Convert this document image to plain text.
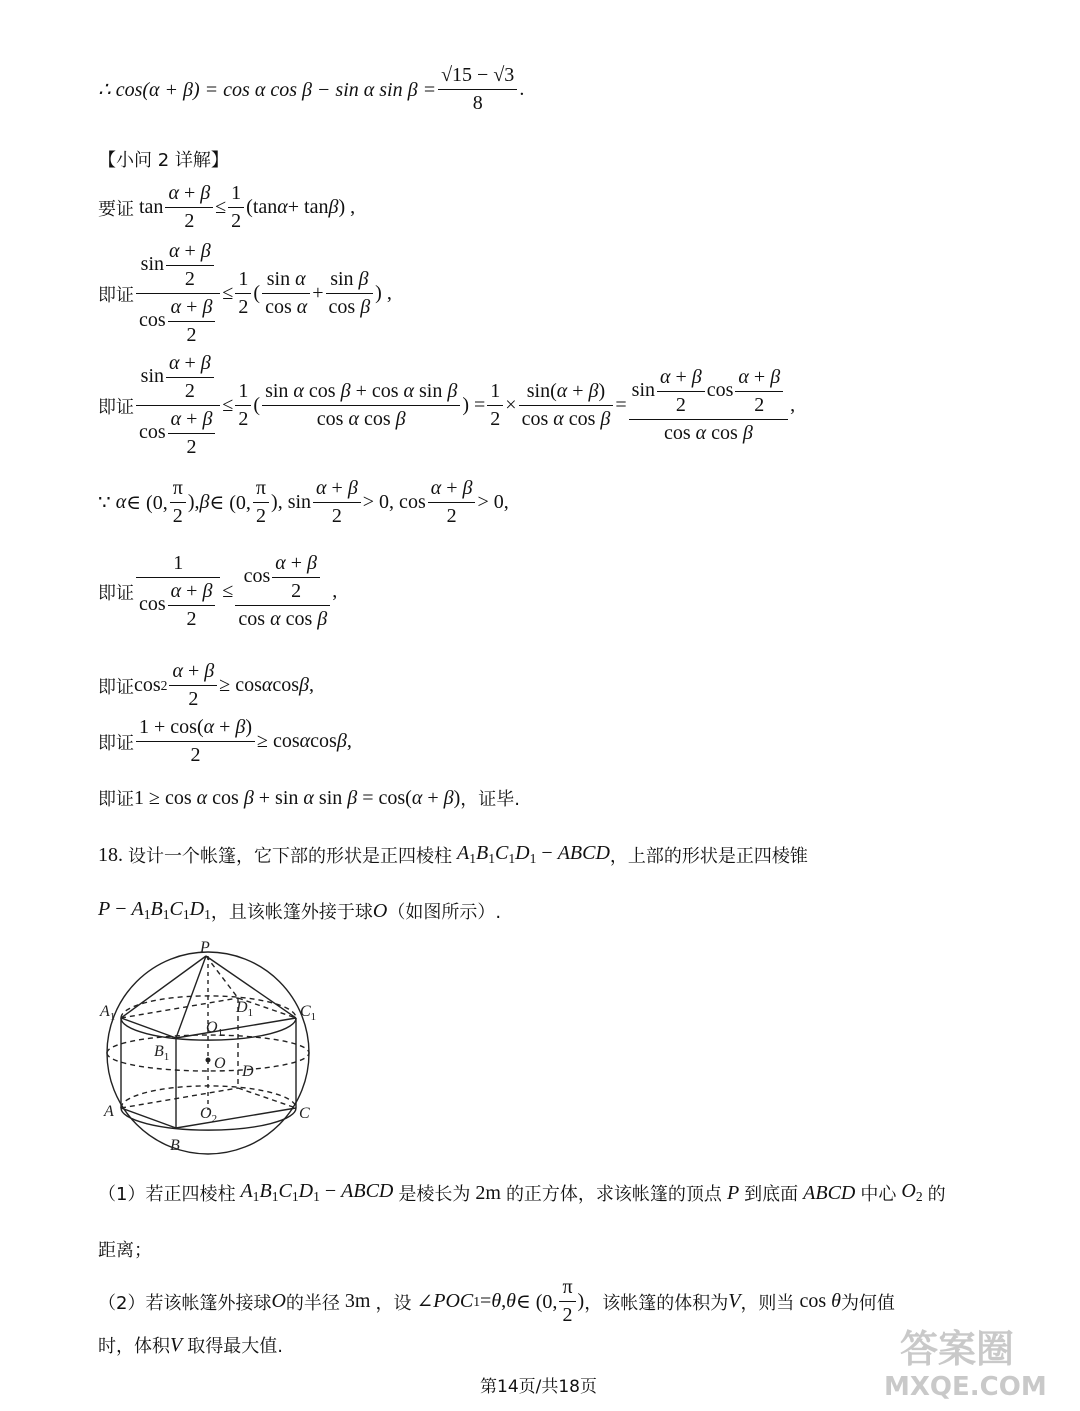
∴ cos(α + β) = cos α cos β − sin α $\sin \beta = \frac{√15 - √3}{8}$ .
【小问 2 详解】
要证 tan
α + β
2
≤
1
2
(tan α + tan β ) ,
即证
$\sin \frac{\alpha + \beta}{2}$
$\cos \frac{\alpha + \beta}{2}$
≤
1
2
(
sin α
cos α
+
sin β
cos β
) ,
即证
$\sin \frac{\alpha + \beta}{2}$
$\cos \frac{\alpha + \beta}{2}$
≤
1
2
(
sin α cos β + cos α sin β
cos α cos β
) =
1
2
×
sin(α + β)
cos α cos β
=
$\sin \frac{\alpha + \beta}{2}$ $\cos \frac{\alpha + \beta}{2}$
cos α cos β
,
∵
α ∈ (0,
π
2
), β ∈ (0,
π
2
), sin
α + β
2
> 0, cos
α + β
2
> 0,
即证
1
$\cos \frac{\alpha + \beta}{2}$ ≤
$\cos \frac{\alpha + \beta}{2}$
cos α cos β
,
即证 cos 2
α + β
2
≥ cos α cos β ,
即证
1 + cos(α + β)
2
≥ cos α cos β ,
即证 1 ≥ cos α cos β + sin α sin β = cos(α + β) ，证毕.
18.
设计一个帐篷，它下部的形状是正四棱柱 $A_1B_1C_1D_1$ − ABCD ，上部的形状是正四棱锥
$P - A_1B_1C_1D_1$ ，且该帐篷外接于球 O （如图所示）.
P
$A_1$
$B_1$
$C_1$
$D_1$
$O_1$
O D
$O_2$
A
B
C
（1）若正四棱柱 $A_1B_1C_1D_1$ − ABCD 是棱长为 2m 的正方体，求该帐篷的顶点 P 到底面 ABCD 中心 $O_2$ 的
距离；
（2）若该帐篷外接球 O 的半径 3m ，设 ∠ POC 1 = θ , θ ∈ (0,
π
2
) ，该帐篷的体积为 V ，则当 cos θ 为何值
时，体积 V 取得最大值.
第14页/共18页
答案圈
MXQE.COM
